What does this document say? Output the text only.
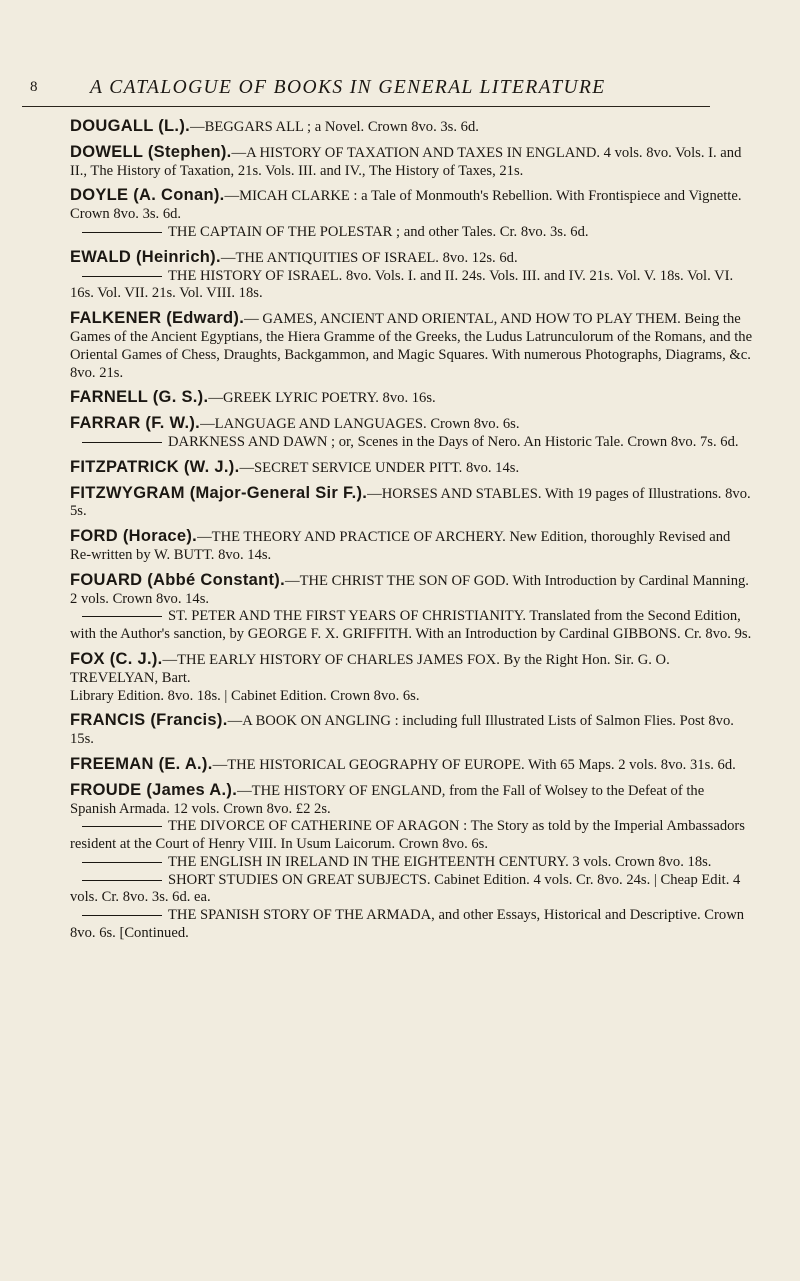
8	A CATALOGUE OF BOOKS IN GENERAL LITERATURE

DOUGALL (L.).—BEGGARS ALL ; a Novel. Crown 8vo. 3s. 6d.

DOWELL (Stephen).—A HISTORY OF TAXATION AND TAXES IN ENGLAND. 4 vols. 8vo. Vols. I. and II., The History of Taxation, 21s. Vols. III. and IV., The History of Taxes, 21s.

DOYLE (A. Conan).—MICAH CLARKE : a Tale of Monmouth's Rebellion. With Frontispiece and Vignette. Crown 8vo. 3s. 6d.

THE CAPTAIN OF THE POLESTAR ; and other Tales. Cr. 8vo. 3s. 6d.

EWALD (Heinrich).—THE ANTIQUITIES OF ISRAEL. 8vo. 12s. 6d.

THE HISTORY OF ISRAEL. 8vo. Vols. I. and II. 24s. Vols. III. and IV. 21s. Vol. V. 18s. Vol. VI. 16s. Vol. VII. 21s. Vol. VIII. 18s.

FALKENER (Edward).— GAMES, ANCIENT AND ORIENTAL, AND HOW TO PLAY THEM. Being the Games of the Ancient Egyptians, the Hiera Gramme of the Greeks, the Ludus Latrunculorum of the Romans, and the Oriental Games of Chess, Draughts, Backgammon, and Magic Squares. With numerous Photographs, Diagrams, &c. 8vo. 21s.

FARNELL (G. S.).—GREEK LYRIC POETRY. 8vo. 16s.

FARRAR (F. W.).—LANGUAGE AND LANGUAGES. Crown 8vo. 6s.

DARKNESS AND DAWN ; or, Scenes in the Days of Nero. An Historic Tale. Crown 8vo. 7s. 6d.

FITZPATRICK (W. J.).—SECRET SERVICE UNDER PITT. 8vo. 14s.

FITZWYGRAM (Major-General Sir F.).—HORSES AND STABLES. With 19 pages of Illustrations. 8vo. 5s.

FORD (Horace).—THE THEORY AND PRACTICE OF ARCHERY. New Edition, thoroughly Revised and Re-written by W. BUTT. 8vo. 14s.

FOUARD (Abbé Constant).—THE CHRIST THE SON OF GOD. With Introduction by Cardinal Manning. 2 vols. Crown 8vo. 14s.

ST. PETER AND THE FIRST YEARS OF CHRISTIANITY. Translated from the Second Edition, with the Author's sanction, by GEORGE F. X. GRIFFITH. With an Introduction by Cardinal GIBBONS. Cr. 8vo. 9s.

FOX (C. J.).—THE EARLY HISTORY OF CHARLES JAMES FOX. By the Right Hon. Sir. G. O. TREVELYAN, Bart.

Library Edition. 8vo. 18s. | Cabinet Edition. Crown 8vo. 6s.

FRANCIS (Francis).—A BOOK ON ANGLING : including full Illustrated Lists of Salmon Flies. Post 8vo. 15s.

FREEMAN (E. A.).—THE HISTORICAL GEOGRAPHY OF EUROPE. With 65 Maps. 2 vols. 8vo. 31s. 6d.

FROUDE (James A.).—THE HISTORY OF ENGLAND, from the Fall of Wolsey to the Defeat of the Spanish Armada. 12 vols. Crown 8vo. £2 2s.

THE DIVORCE OF CATHERINE OF ARAGON : The Story as told by the Imperial Ambassadors resident at the Court of Henry VIII. In Usum Laicorum. Crown 8vo. 6s.

THE ENGLISH IN IRELAND IN THE EIGHTEENTH CENTURY. 3 vols. Crown 8vo. 18s.

SHORT STUDIES ON GREAT SUBJECTS. Cabinet Edition. 4 vols. Cr. 8vo. 24s. | Cheap Edit. 4 vols. Cr. 8vo. 3s. 6d. ea.

THE SPANISH STORY OF THE ARMADA, and other Essays, Historical and Descriptive. Crown 8vo. 6s. [Continued.
